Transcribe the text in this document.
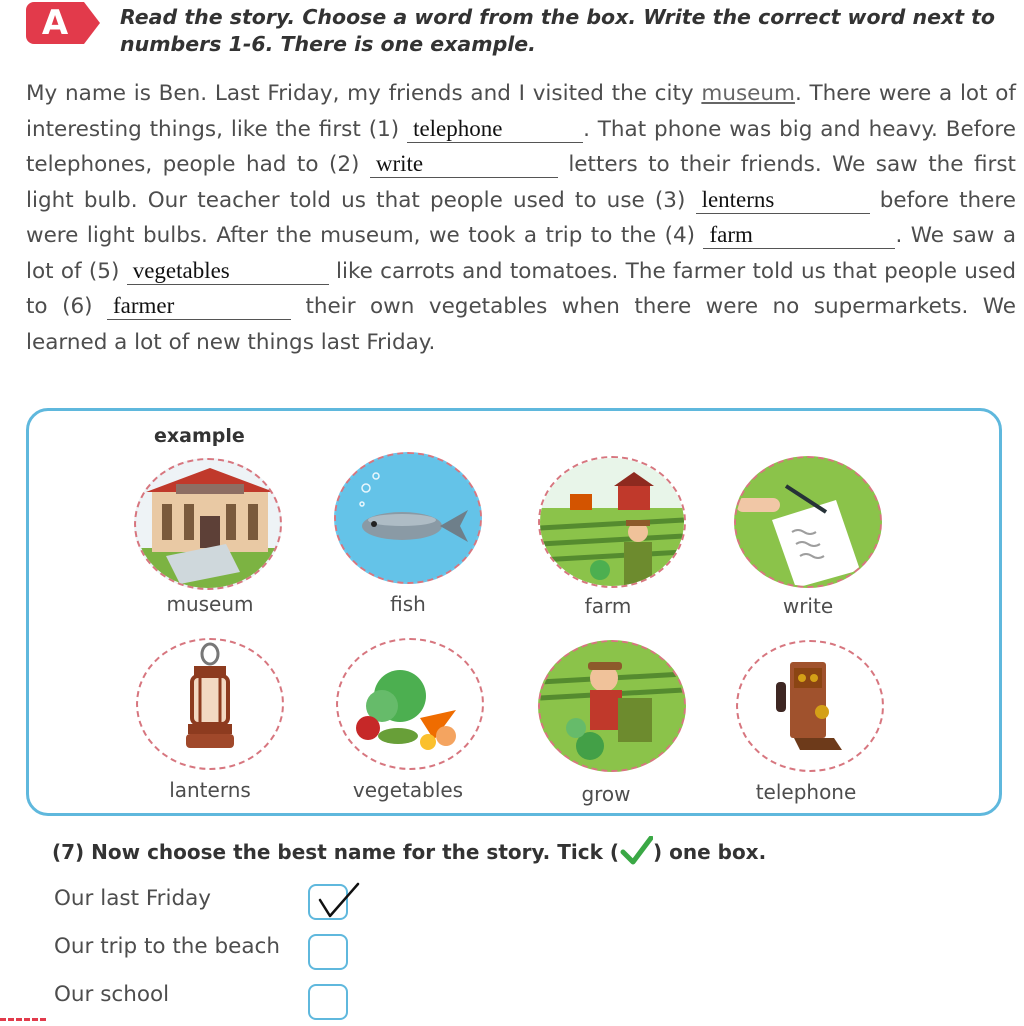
A	Read the story. Choose a word from the box. Write the correct word next to numbers 1-6. There is one example.
My name is Ben. Last Friday, my friends and I visited the city museum. There were a lot of interesting things, like the first (1) telephone	. That phone was big and heavy. Before telephones, people had to (2) write	letters to their friends. We saw the first light bulb. Our teacher told us that people used to use (3) lenterns	before there were light bulbs. After the museum, we took a trip to the (4) farm	. We saw a lot of (5) vegetables	like carrots and tomatoes. The farmer told us that people used to (6) farmer	their own vegetables when there were no supermarkets. We learned a lot of new things last Friday.
example
museum	fish	farm	write
lanterns	vegetables	grow	telephone
(7) Now choose the best name for the story. Tick ( ) one box.
Our last Friday
Our trip to the beach
Our school
